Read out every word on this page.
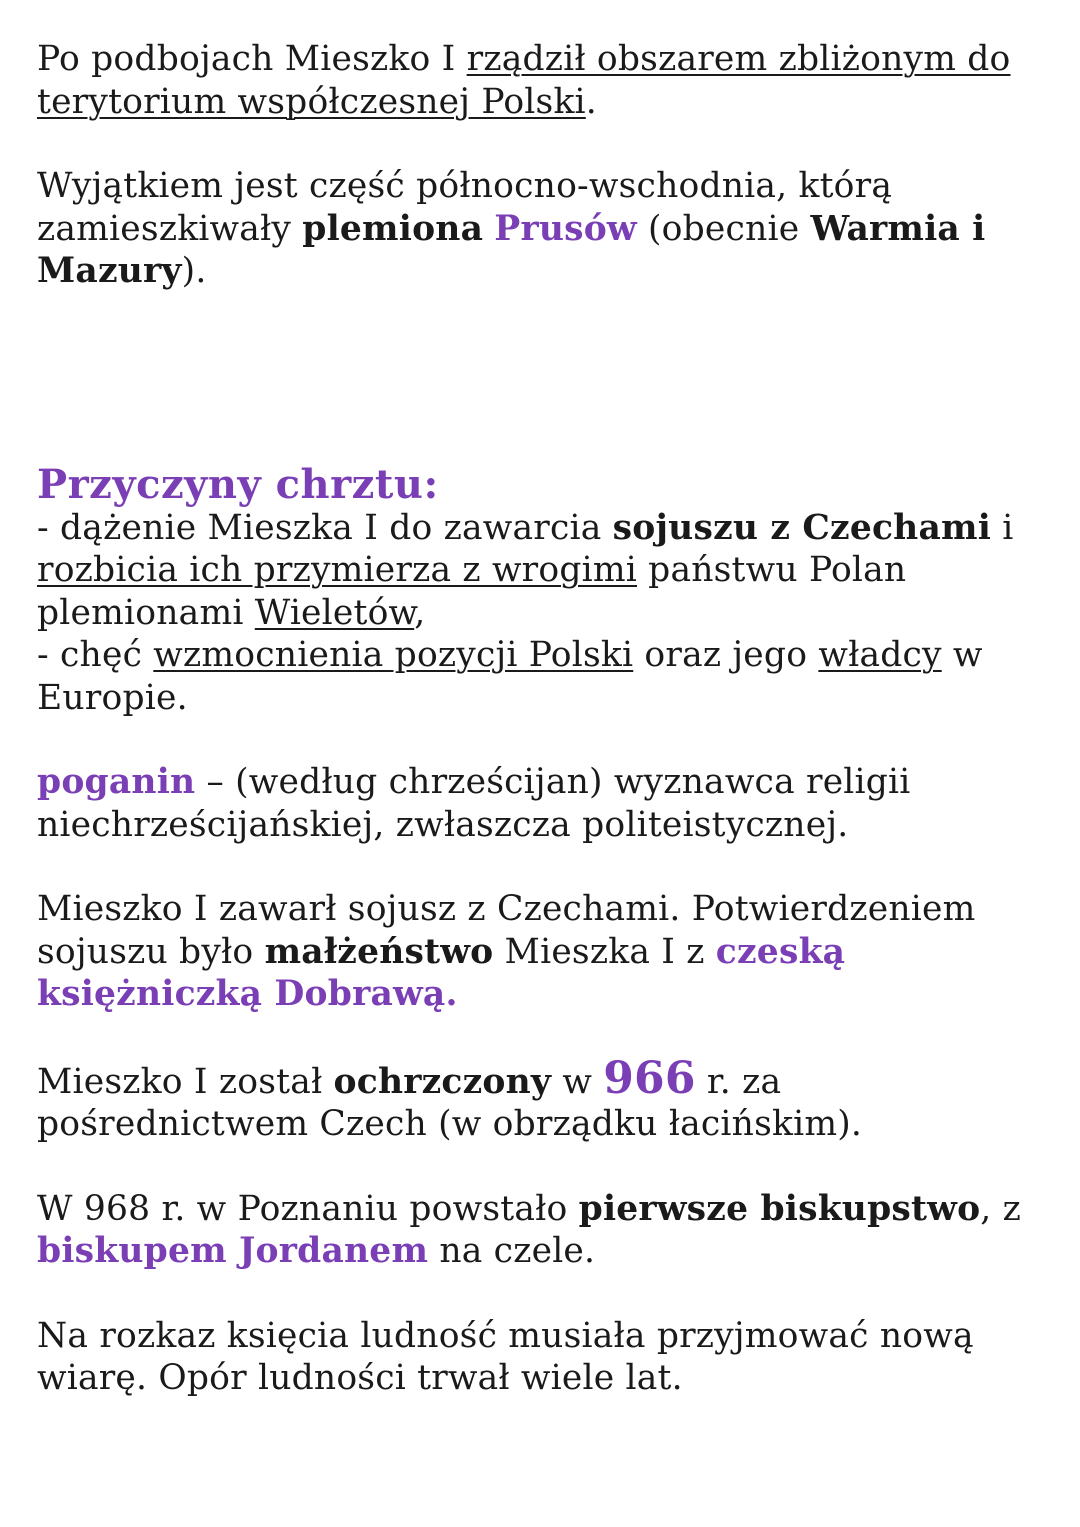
Po podbojach Mieszko I rządził obszarem zbliżonym do terytorium współczesnej Polski.

Wyjątkiem jest część północno-wschodnia, którą zamieszkiwały plemiona Prusów (obecnie Warmia i Mazury).

Przyczyny chrztu:

- dążenie Mieszka I do zawarcia sojuszu z Czechami i rozbicia ich przymierza z wrogimi państwu Polan plemionami Wieletów,
- chęć wzmocnienia pozycji Polski oraz jego władcy w Europie.

poganin – (według chrześcijan) wyznawca religii niechrześcijańskiej, zwłaszcza politeistycznej.

Mieszko I zawarł sojusz z Czechami. Potwierdzeniem sojuszu było małżeństwo Mieszka I z czeską księżniczką Dobrawą.

Mieszko I został ochrzczony w 966 r. za pośrednictwem Czech (w obrządku łacińskim).

W 968 r. w Poznaniu powstało pierwsze biskupstwo, z biskupem Jordanem na czele.

Na rozkaz księcia ludność musiała przyjmować nową wiarę. Opór ludności trwał wiele lat.
